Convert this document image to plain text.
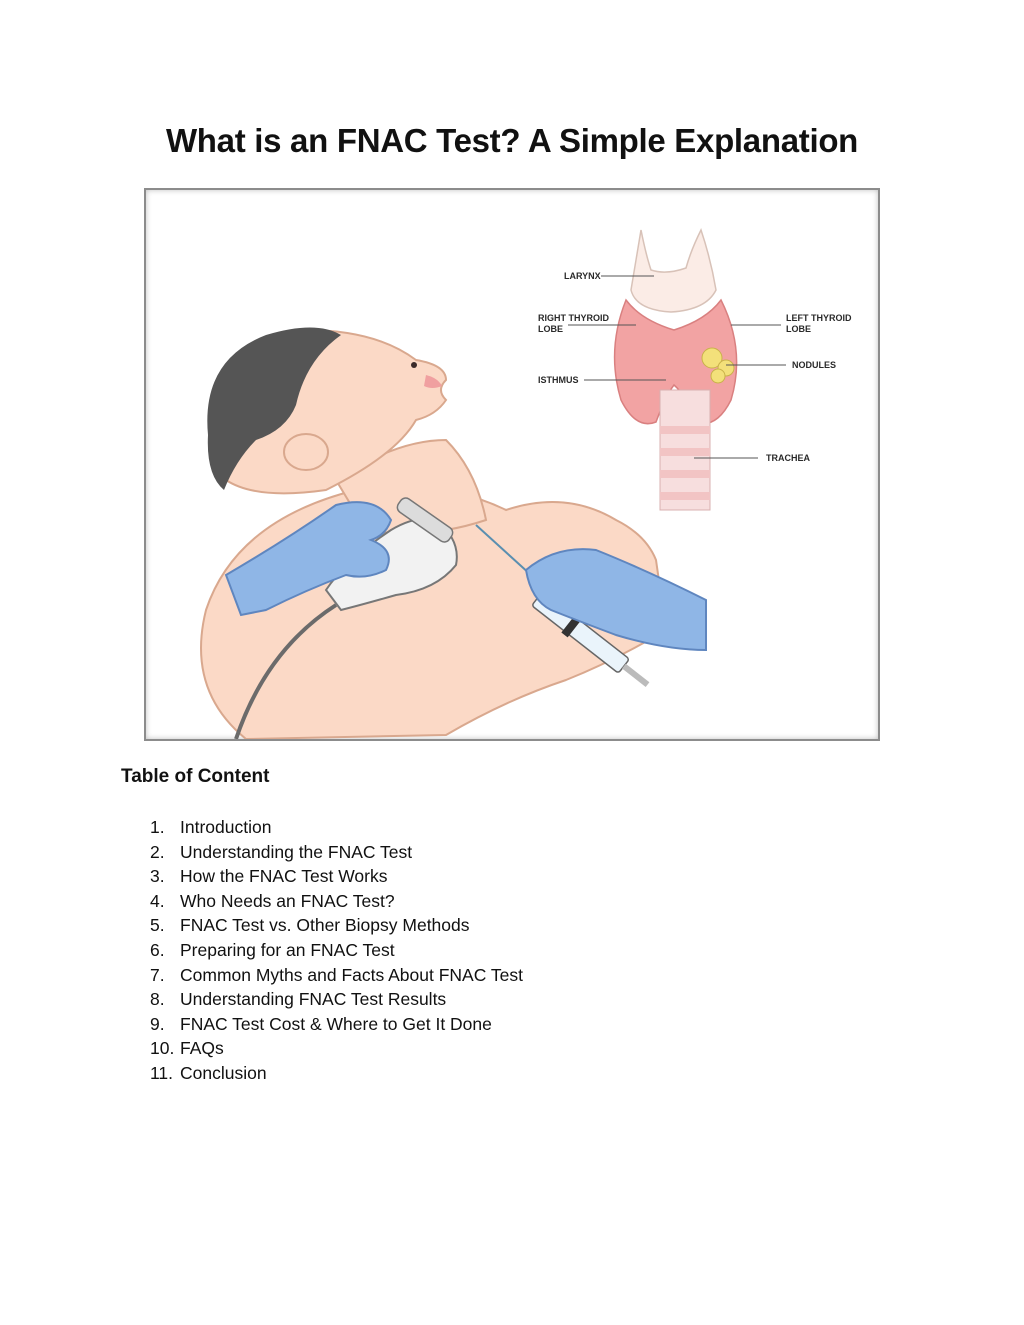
What is an FNAC Test? A Simple Explanation
LARYNX
RIGHT THYROID
LOBE
LEFT THYROID
LOBE
NODULES
ISTHMUS
TRACHEA
Table of Content
1. Introduction
2. Understanding the FNAC Test
3. How the FNAC Test Works
4. Who Needs an FNAC Test?
5. FNAC Test vs. Other Biopsy Methods
6. Preparing for an FNAC Test
7. Common Myths and Facts About FNAC Test
8. Understanding FNAC Test Results
9. FNAC Test Cost & Where to Get It Done
10. FAQs
11. Conclusion
